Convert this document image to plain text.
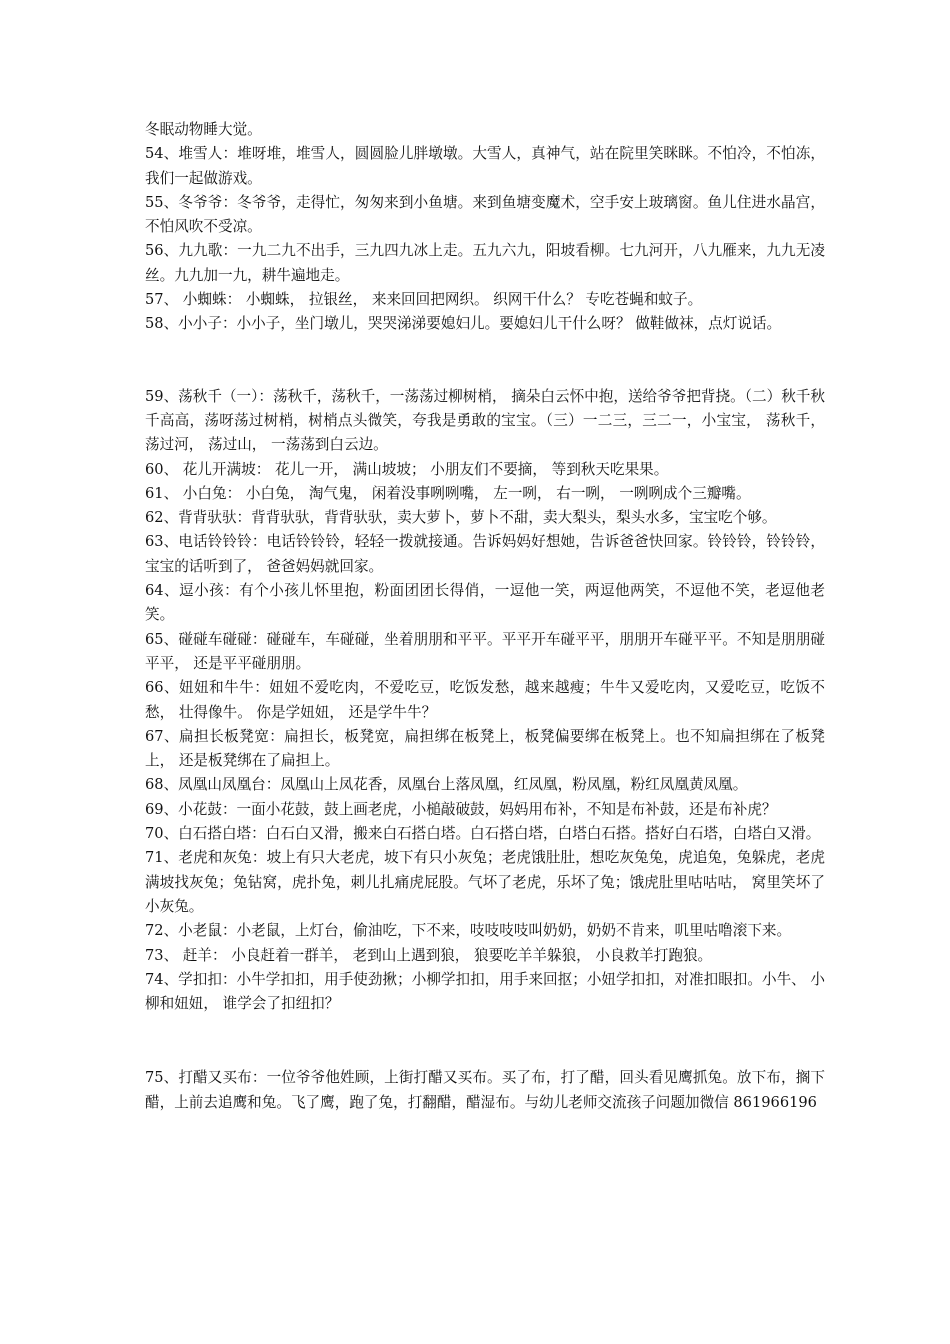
冬眠动物睡大觉。

54、堆雪人：堆呀堆，堆雪人，圆圆脸儿胖墩墩。大雪人，真神气，站在院里笑眯眯。不怕冷，不怕冻，我们一起做游戏。

55、冬爷爷：冬爷爷，走得忙，匆匆来到小鱼塘。来到鱼塘变魔术，空手安上玻璃窗。鱼儿住进水晶宫，不怕风吹不受凉。

56、九九歌：一九二九不出手，三九四九冰上走。五九六九，阳坡看柳。七九河开，八九雁来，九九无凌丝。九九加一九，耕牛遍地走。

57、 小蜘蛛： 小蜘蛛， 拉银丝， 来来回回把网织。 织网干什么？ 专吃苍蝇和蚊子。

58、小小子：小小子，坐门墩儿，哭哭涕涕要媳妇儿。要媳妇儿干什么呀？ 做鞋做袜，点灯说话。

59、荡秋千（一）：荡秋千，荡秋千，一荡荡过柳树梢， 摘朵白云怀中抱，送给爷爷把背挠。（二）秋千秋千高高，荡呀荡过树梢，树梢点头微笑，夸我是勇敢的宝宝。（三）一二三，三二一，小宝宝， 荡秋千， 荡过河， 荡过山， 一荡荡到白云边。

60、 花儿开满坡： 花儿一开， 满山坡坡； 小朋友们不要摘， 等到秋天吃果果。

61、 小白兔： 小白兔， 淘气鬼， 闲着没事咧咧嘴， 左一咧， 右一咧， 一咧咧成个三瓣嘴。

62、背背驮驮：背背驮驮，背背驮驮，卖大萝卜，萝卜不甜，卖大梨头，梨头水多，宝宝吃个够。

63、电话铃铃铃：电话铃铃铃，轻轻一拨就接通。告诉妈妈好想她，告诉爸爸快回家。铃铃铃，铃铃铃， 宝宝的话听到了， 爸爸妈妈就回家。

64、逗小孩：有个小孩儿怀里抱，粉面团团长得俏，一逗他一笑，两逗他两笑，不逗他不笑，老逗他老笑。

65、碰碰车碰碰：碰碰车，车碰碰，坐着朋朋和平平。平平开车碰平平，朋朋开车碰平平。不知是朋朋碰平平， 还是平平碰朋朋。

66、妞妞和牛牛：妞妞不爱吃肉，不爱吃豆，吃饭发愁，越来越瘦；牛牛又爱吃肉，又爱吃豆，吃饭不愁， 壮得像牛。 你是学妞妞， 还是学牛牛？

67、扁担长板凳宽：扁担长，板凳宽，扁担绑在板凳上，板凳偏要绑在板凳上。也不知扁担绑在了板凳上， 还是板凳绑在了扁担上。

68、凤凰山凤凰台：凤凰山上凤花香，凤凰台上落凤凰，红凤凰，粉凤凰，粉红凤凰黄凤凰。

69、小花鼓：一面小花鼓，鼓上画老虎，小槌敲破鼓，妈妈用布补，不知是布补鼓，还是布补虎？

70、白石搭白塔：白石白又滑，搬来白石搭白塔。白石搭白塔，白塔白石搭。搭好白石塔，白塔白又滑。

71、老虎和灰兔：坡上有只大老虎，坡下有只小灰兔；老虎饿肚肚，想吃灰兔兔，虎追兔，兔躲虎，老虎满坡找灰兔；兔钻窝，虎扑兔，刺儿扎痛虎屁股。气坏了老虎，乐坏了兔；饿虎肚里咕咕咕， 窝里笑坏了小灰兔。

72、小老鼠：小老鼠，上灯台，偷油吃，下不来，吱吱吱吱叫奶奶，奶奶不肯来，叽里咕噜滚下来。

73、 赶羊： 小良赶着一群羊， 老到山上遇到狼， 狼要吃羊羊躲狼， 小良救羊打跑狼。

74、学扣扣：小牛学扣扣，用手使劲揪；小柳学扣扣，用手来回抠；小妞学扣扣，对准扣眼扣。小牛、 小柳和妞妞， 谁学会了扣纽扣？

75、打醋又买布：一位爷爷他姓顾，上街打醋又买布。买了布，打了醋，回头看见鹰抓兔。放下布，搁下醋，上前去追鹰和兔。飞了鹰，跑了兔，打翻醋，醋湿布。与幼儿老师交流孩子问题加微信 861966196
